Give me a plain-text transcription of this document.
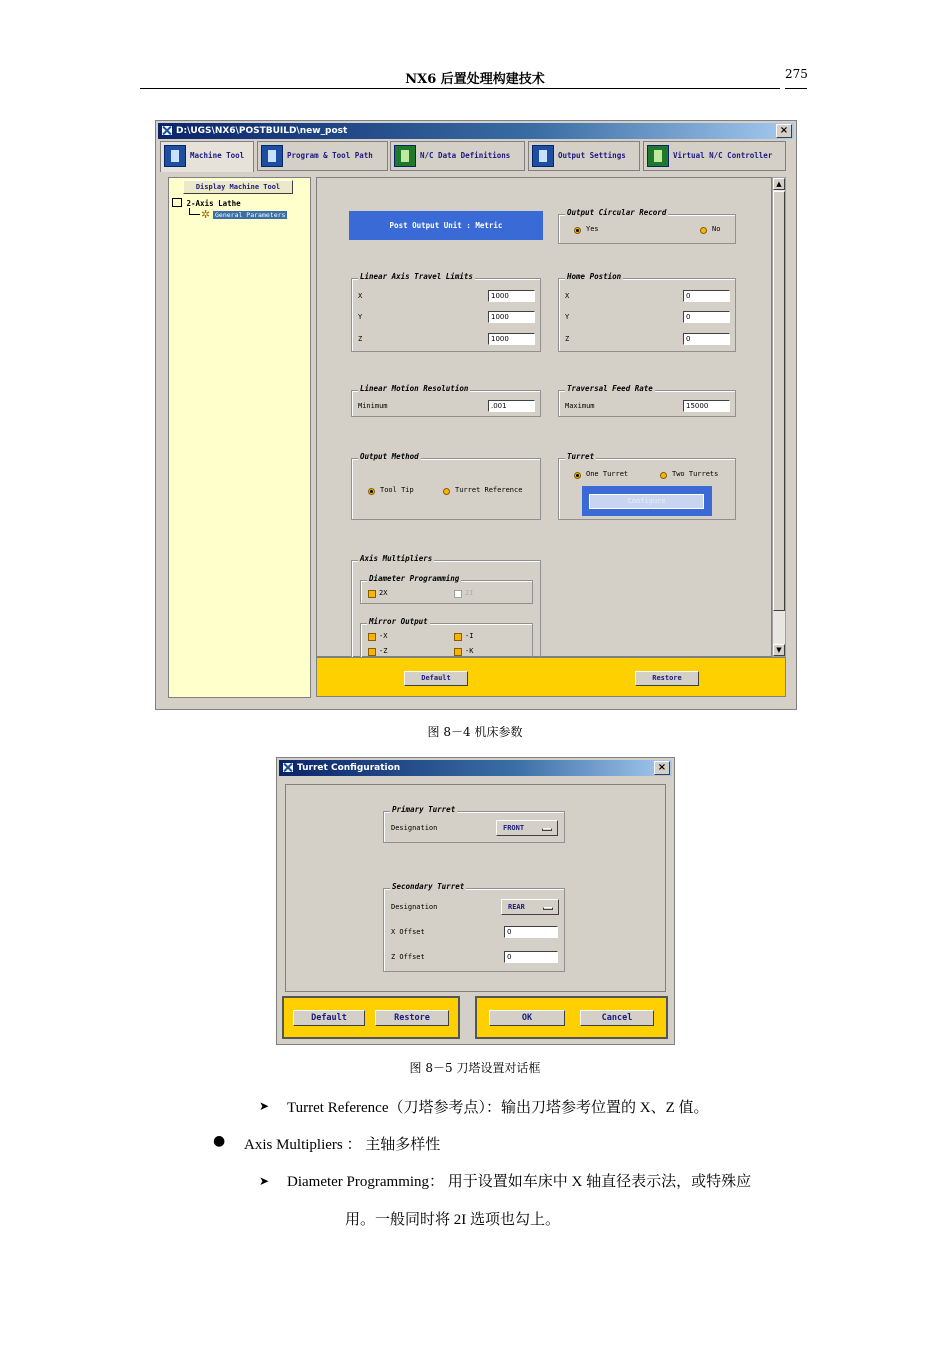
NX6 后置处理构建技术	275
D:\UGS\NX6\POSTBUILD\new_post	×
Machine Tool	Program & Tool Path	N/C Data Definitions	Output Settings	Virtual N/C Controller
Display Machine Tool
2-Axis Lathe
✲ General Parameters
Post Output Unit : Metric
Output Circular Record
Yes	No
Linear Axis Travel Limits
X	1000
Y	1000
Z	1000
Home Postion
X	0
Y	0
Z	0
Linear Motion Resolution
Minimum	.001
Traversal Feed Rate
Maximum	15000
Output Method
Tool Tip	Turret Reference
Turret
One Turret	Two Turrets
Configure
Axis Multipliers
Diameter Programming
2X	2I
Mirror Output
-X	-I
-Z	-K
▲
▼
Default	Restore
图 8－4 机床参数
Turret Configuration	×
Primary Turret
Designation	FRONT
Secondary Turret
Designation	REAR
X Offset	0
Z Offset	0
Default	Restore	OK	Cancel
图 8－5 刀塔设置对话框
➤ Turret Reference（刀塔参考点）：输出刀塔参考位置的 X、Z 值。
● Axis Multipliers ： 主轴多样性
➤ Diameter Programming： 用于设置如车床中 X 轴直径表示法，或特殊应
用。一般同时将 2I 选项也勾上。
